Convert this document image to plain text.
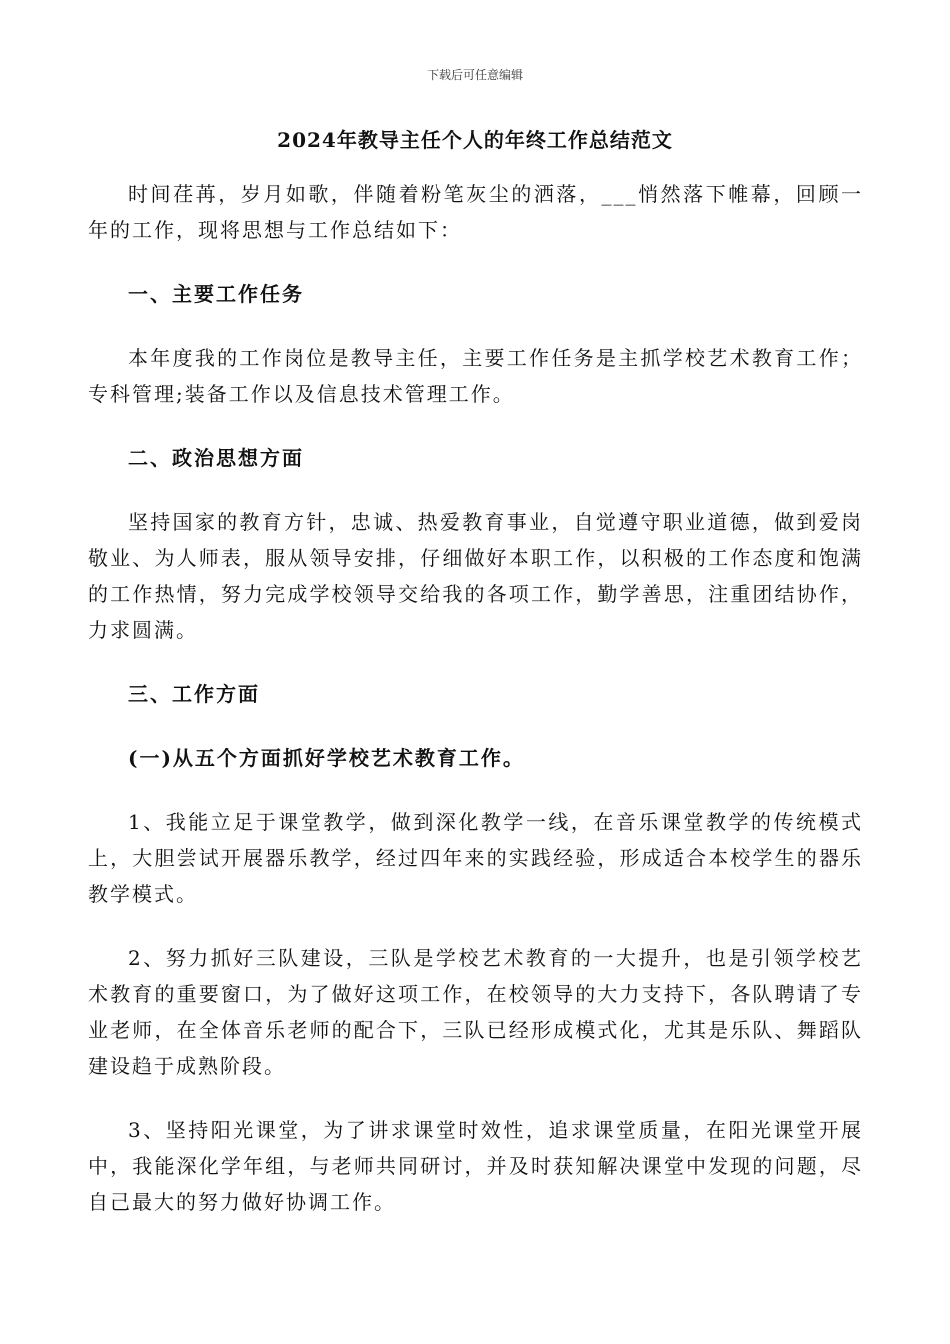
下载后可任意编辑
2024年教导主任个人的年终工作总结范文

时间荏苒，岁月如歌，伴随着粉笔灰尘的洒落，___悄然落下帷幕，回顾一年的工作，现将思想与工作总结如下：

一、主要工作任务

本年度我的工作岗位是教导主任，主要工作任务是主抓学校艺术教育工作；专科管理;装备工作以及信息技术管理工作。

二、政治思想方面

坚持国家的教育方针，忠诚、热爱教育事业，自觉遵守职业道德，做到爱岗敬业、为人师表，服从领导安排，仔细做好本职工作，以积极的工作态度和饱满的工作热情，努力完成学校领导交给我的各项工作，勤学善思，注重团结协作，力求圆满。

三、工作方面

(一)从五个方面抓好学校艺术教育工作。

1、我能立足于课堂教学，做到深化教学一线，在音乐课堂教学的传统模式上，大胆尝试开展器乐教学，经过四年来的实践经验，形成适合本校学生的器乐教学模式。

2、努力抓好三队建设，三队是学校艺术教育的一大提升，也是引领学校艺术教育的重要窗口，为了做好这项工作，在校领导的大力支持下，各队聘请了专业老师，在全体音乐老师的配合下，三队已经形成模式化，尤其是乐队、舞蹈队建设趋于成熟阶段。

3、坚持阳光课堂，为了讲求课堂时效性，追求课堂质量，在阳光课堂开展中，我能深化学年组，与老师共同研讨，并及时获知解决课堂中发现的问题，尽自己最大的努力做好协调工作。
